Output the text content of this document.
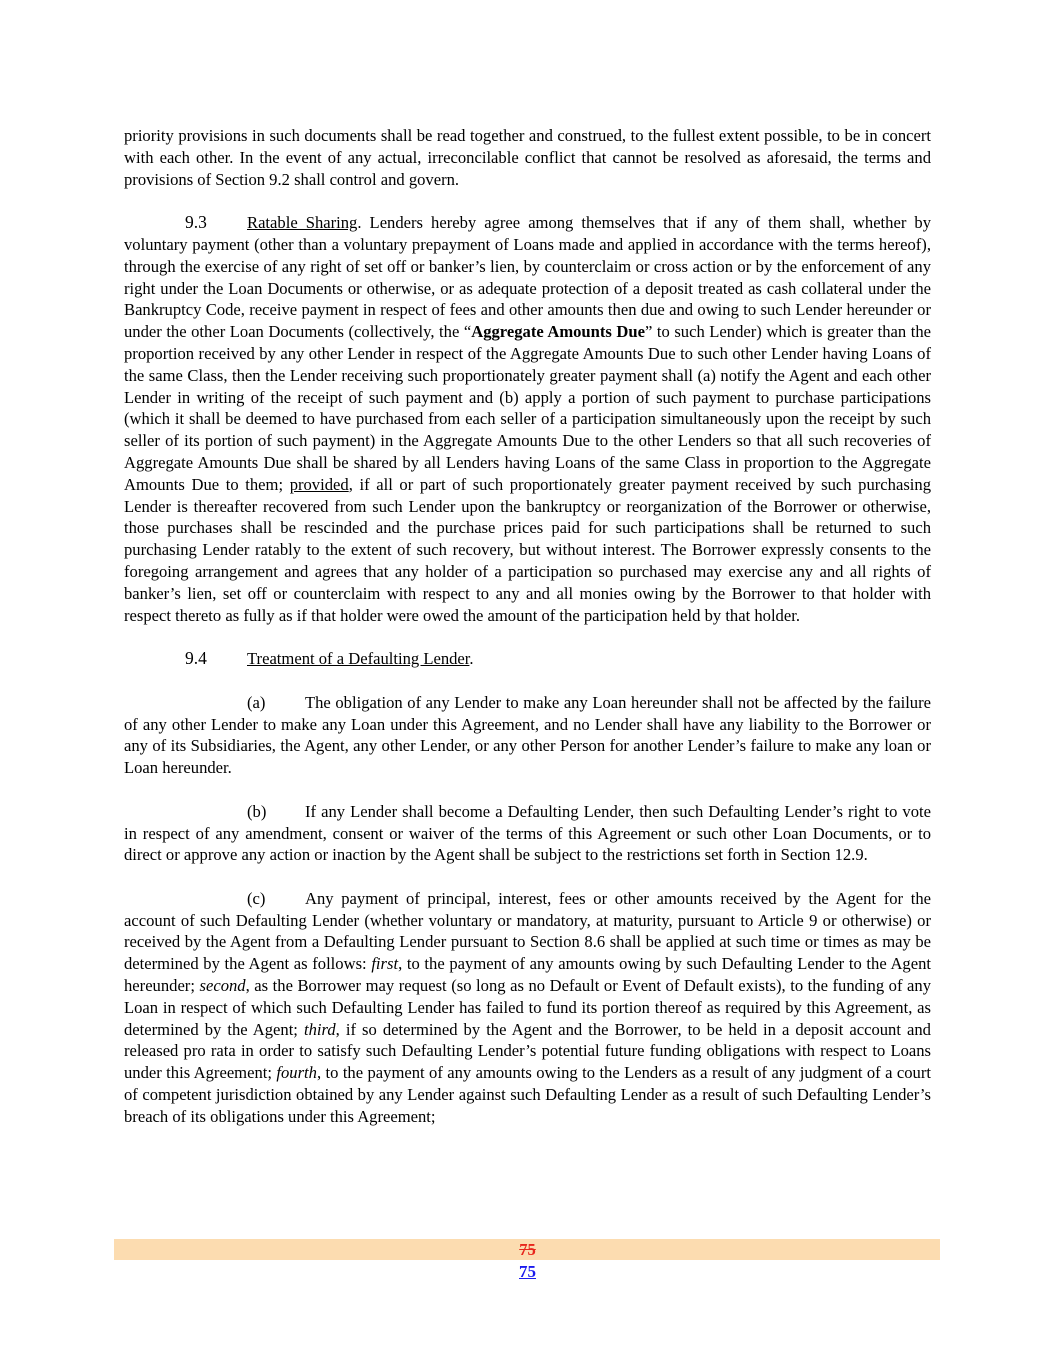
priority provisions in such documents shall be read together and construed, to the fullest extent possible, to be in concert with each other. In the event of any actual, irreconcilable conflict that cannot be resolved as aforesaid, the terms and provisions of Section 9.2 shall control and govern.

9.3 Ratable Sharing. Lenders hereby agree among themselves that if any of them shall, whether by voluntary payment (other than a voluntary prepayment of Loans made and applied in accordance with the terms hereof), through the exercise of any right of set off or banker’s lien, by counterclaim or cross action or by the enforcement of any right under the Loan Documents or otherwise, or as adequate protection of a deposit treated as cash collateral under the Bankruptcy Code, receive payment in respect of fees and other amounts then due and owing to such Lender hereunder or under the other Loan Documents (collectively, the “Aggregate Amounts Due” to such Lender) which is greater than the proportion received by any other Lender in respect of the Aggregate Amounts Due to such other Lender having Loans of the same Class, then the Lender receiving such proportionately greater payment shall (a) notify the Agent and each other Lender in writing of the receipt of such payment and (b) apply a portion of such payment to purchase participations (which it shall be deemed to have purchased from each seller of a participation simultaneously upon the receipt by such seller of its portion of such payment) in the Aggregate Amounts Due to the other Lenders so that all such recoveries of Aggregate Amounts Due shall be shared by all Lenders having Loans of the same Class in proportion to the Aggregate Amounts Due to them; provided, if all or part of such proportionately greater payment received by such purchasing Lender is thereafter recovered from such Lender upon the bankruptcy or reorganization of the Borrower or otherwise, those purchases shall be rescinded and the purchase prices paid for such participations shall be returned to such purchasing Lender ratably to the extent of such recovery, but without interest. The Borrower expressly consents to the foregoing arrangement and agrees that any holder of a participation so purchased may exercise any and all rights of banker’s lien, set off or counterclaim with respect to any and all monies owing by the Borrower to that holder with respect thereto as fully as if that holder were owed the amount of the participation held by that holder.

9.4 Treatment of a Defaulting Lender.

(a) The obligation of any Lender to make any Loan hereunder shall not be affected by the failure of any other Lender to make any Loan under this Agreement, and no Lender shall have any liability to the Borrower or any of its Subsidiaries, the Agent, any other Lender, or any other Person for another Lender’s failure to make any loan or Loan hereunder.

(b) If any Lender shall become a Defaulting Lender, then such Defaulting Lender’s right to vote in respect of any amendment, consent or waiver of the terms of this Agreement or such other Loan Documents, or to direct or approve any action or inaction by the Agent shall be subject to the restrictions set forth in Section 12.9.

(c) Any payment of principal, interest, fees or other amounts received by the Agent for the account of such Defaulting Lender (whether voluntary or mandatory, at maturity, pursuant to Article 9 or otherwise) or received by the Agent from a Defaulting Lender pursuant to Section 8.6 shall be applied at such time or times as may be determined by the Agent as follows: first, to the payment of any amounts owing by such Defaulting Lender to the Agent hereunder; second, as the Borrower may request (so long as no Default or Event of Default exists), to the funding of any Loan in respect of which such Defaulting Lender has failed to fund its portion thereof as required by this Agreement, as determined by the Agent; third, if so determined by the Agent and the Borrower, to be held in a deposit account and released pro rata in order to satisfy such Defaulting Lender’s potential future funding obligations with respect to Loans under this Agreement; fourth, to the payment of any amounts owing to the Lenders as a result of any judgment of a court of competent jurisdiction obtained by any Lender against such Defaulting Lender as a result of such Defaulting Lender’s breach of its obligations under this Agreement;

75
75
